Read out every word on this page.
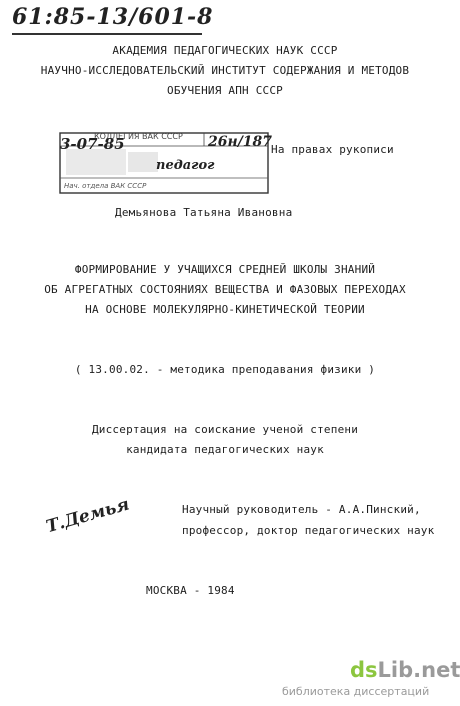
61:85-13/601-8
АКАДЕМИЯ ПЕДАГОГИЧЕСКИХ НАУК СССР
НАУЧНО-ИССЛЕДОВАТЕЛЬСКИЙ ИНСТИТУТ СОДЕРЖАНИЯ И МЕТОДОВ
ОБУЧЕНИЯ АПН СССР
КОЛЛЕГИЯ ВАК СССР
3-07-85	26н/187
педагог
Нач. отдела ВАК СССР
На правах рукописи
Демьянова Татьяна Ивановна
ФОРМИРОВАНИЕ У УЧАЩИХСЯ СРЕДНЕЙ ШКОЛЫ ЗНАНИЙ
ОБ АГРЕГАТНЫХ СОСТОЯНИЯХ ВЕЩЕСТВА И ФАЗОВЫХ ПЕРЕХОДАХ
НА ОСНОВЕ МОЛЕКУЛЯРНО-КИНЕТИЧЕСКОЙ ТЕОРИИ
( 13.00.02. - методика преподавания физики )
Диссертация на соискание ученой степени
кандидата педагогических наук
Т.Демья	Научный руководитель - А.А.Пинский,
профессор, доктор педагогических наук
МОСКВА - 1984
dsLib.net
библиотека диссертаций
